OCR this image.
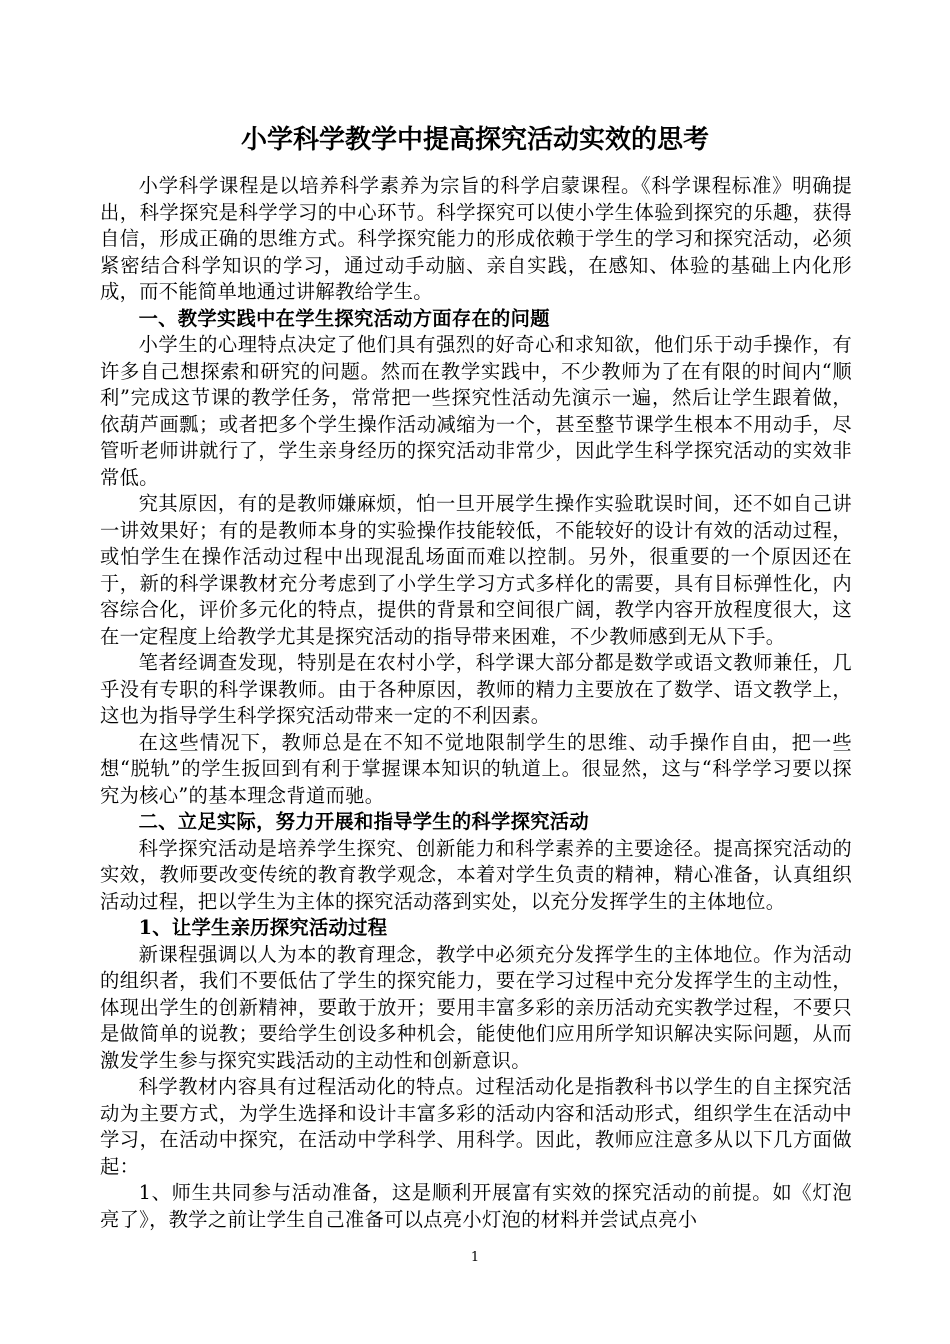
小学科学教学中提高探究活动实效的思考

小学科学课程是以培养科学素养为宗旨的科学启蒙课程。《科学课程标准》明确提出，科学探究是科学学习的中心环节。科学探究可以使小学生体验到探究的乐趣，获得自信，形成正确的思维方式。科学探究能力的形成依赖于学生的学习和探究活动，必须紧密结合科学知识的学习，通过动手动脑、亲自实践，在感知、体验的基础上内化形成，而不能简单地通过讲解教给学生。

一、教学实践中在学生探究活动方面存在的问题

小学生的心理特点决定了他们具有强烈的好奇心和求知欲，他们乐于动手操作，有许多自己想探索和研究的问题。然而在教学实践中，不少教师为了在有限的时间内“顺利”完成这节课的教学任务，常常把一些探究性活动先演示一遍，然后让学生跟着做，依葫芦画瓢；或者把多个学生操作活动减缩为一个，甚至整节课学生根本不用动手，尽管听老师讲就行了，学生亲身经历的探究活动非常少，因此学生科学探究活动的实效非常低。

究其原因，有的是教师嫌麻烦，怕一旦开展学生操作实验耽误时间，还不如自己讲一讲效果好；有的是教师本身的实验操作技能较低，不能较好的设计有效的活动过程，或怕学生在操作活动过程中出现混乱场面而难以控制。另外，很重要的一个原因还在于，新的科学课教材充分考虑到了小学生学习方式多样化的需要，具有目标弹性化，内容综合化，评价多元化的特点，提供的背景和空间很广阔，教学内容开放程度很大，这在一定程度上给教学尤其是探究活动的指导带来困难，不少教师感到无从下手。

笔者经调查发现，特别是在农村小学，科学课大部分都是数学或语文教师兼任，几乎没有专职的科学课教师。由于各种原因，教师的精力主要放在了数学、语文教学上，这也为指导学生科学探究活动带来一定的不利因素。

在这些情况下，教师总是在不知不觉地限制学生的思维、动手操作自由，把一些想“脱轨”的学生扳回到有利于掌握课本知识的轨道上。很显然，这与“科学学习要以探究为核心”的基本理念背道而驰。

二、立足实际，努力开展和指导学生的科学探究活动

科学探究活动是培养学生探究、创新能力和科学素养的主要途径。提高探究活动的实效，教师要改变传统的教育教学观念，本着对学生负责的精神，精心准备，认真组织活动过程，把以学生为主体的探究活动落到实处，以充分发挥学生的主体地位。

1、让学生亲历探究活动过程

新课程强调以人为本的教育理念，教学中必须充分发挥学生的主体地位。作为活动的组织者，我们不要低估了学生的探究能力，要在学习过程中充分发挥学生的主动性，体现出学生的创新精神，要敢于放开；要用丰富多彩的亲历活动充实教学过程，不要只是做简单的说教；要给学生创设多种机会，能使他们应用所学知识解决实际问题，从而激发学生参与探究实践活动的主动性和创新意识。

科学教材内容具有过程活动化的特点。过程活动化是指教科书以学生的自主探究活动为主要方式，为学生选择和设计丰富多彩的活动内容和活动形式，组织学生在活动中学习，在活动中探究，在活动中学科学、用科学。因此，教师应注意多从以下几方面做起：

1、师生共同参与活动准备，这是顺利开展富有实效的探究活动的前提。如《灯泡亮了》，教学之前让学生自己准备可以点亮小灯泡的材料并尝试点亮小

1
